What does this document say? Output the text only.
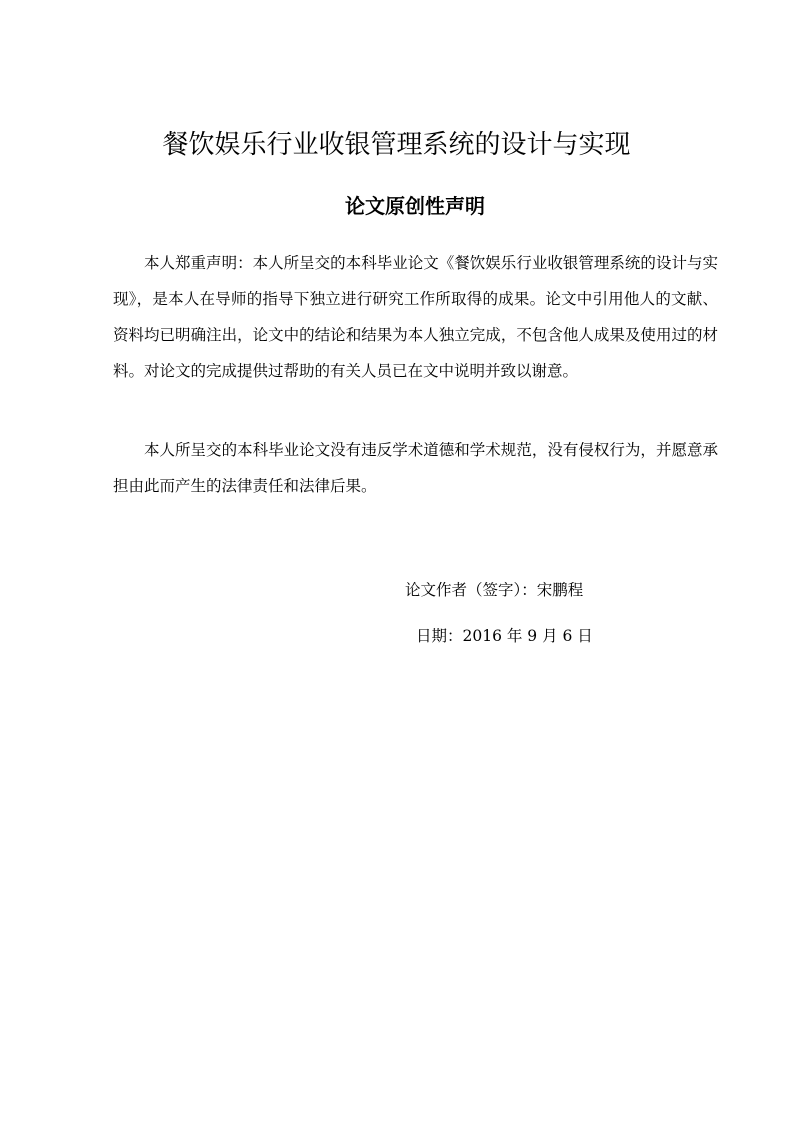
餐饮娱乐行业收银管理系统的设计与实现
论文原创性声明

本人郑重声明：本人所呈交的本科毕业论文《餐饮娱乐行业收银管理系统的设计与实现》，是本人在导师的指导下独立进行研究工作所取得的成果。论文中引用他人的文献、资料均已明确注出，论文中的结论和结果为本人独立完成，不包含他人成果及使用过的材料。对论文的完成提供过帮助的有关人员已在文中说明并致以谢意。

本人所呈交的本科毕业论文没有违反学术道德和学术规范，没有侵权行为，并愿意承担由此而产生的法律责任和法律后果。

论文作者（签字）：宋鹏程
日期：2016 年 9 月 6 日
